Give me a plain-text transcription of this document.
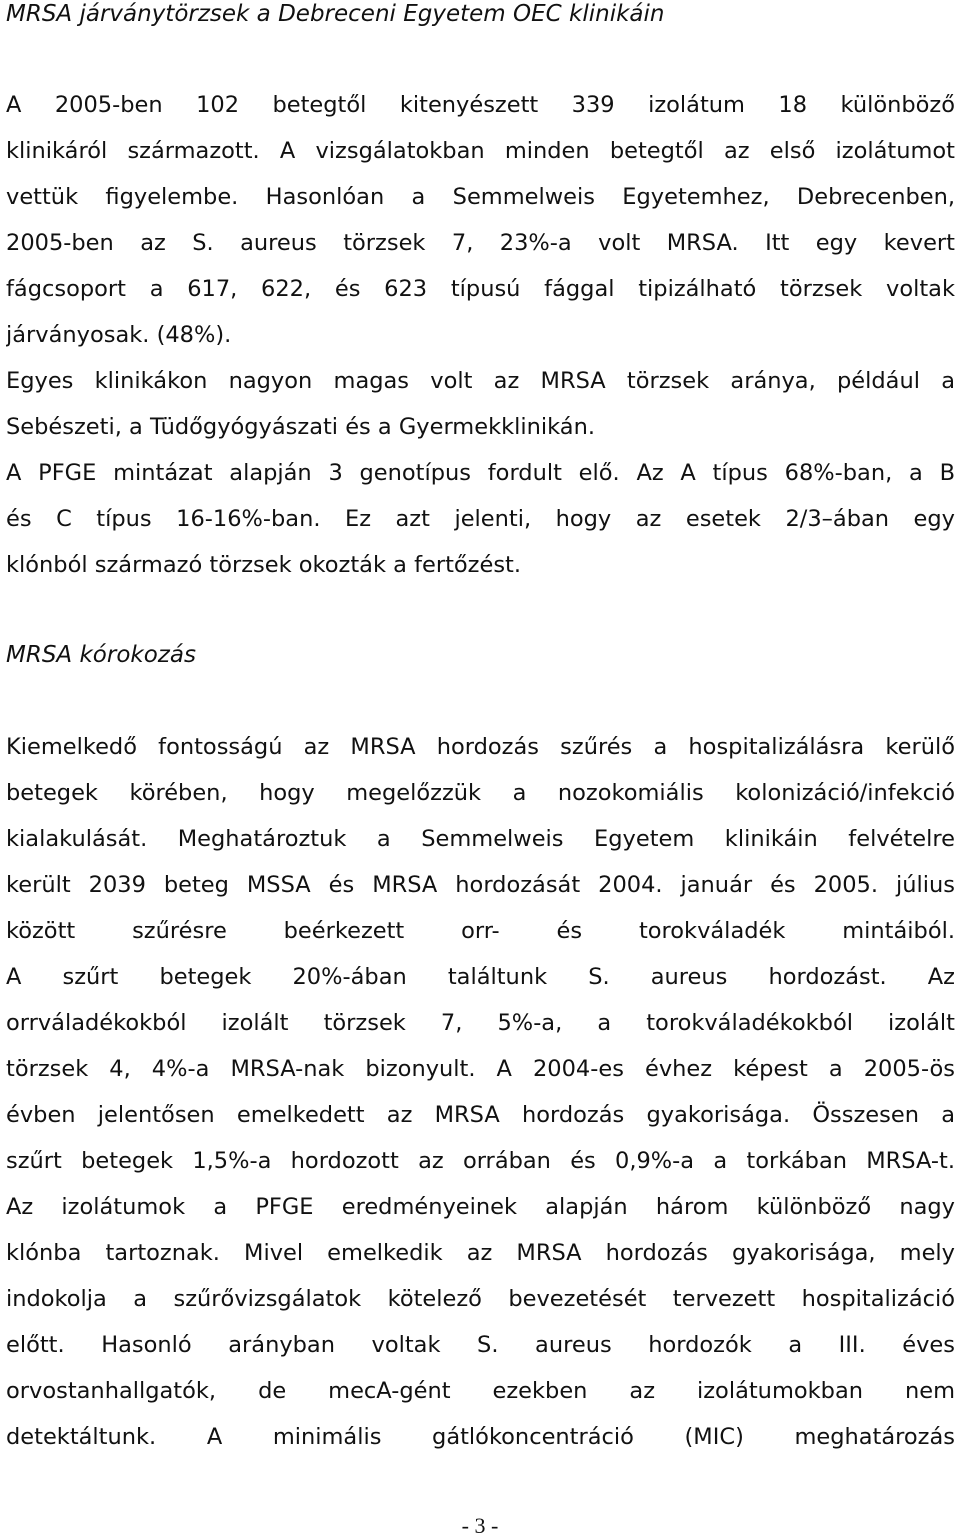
MRSA járványtörzsek a Debreceni Egyetem OEC klinikáin
A 2005-ben 102 betegtől kitenyészett 339 izolátum 18 különböző
klinikáról származott. A vizsgálatokban minden betegtől az első izolátumot
vettük figyelembe. Hasonlóan a Semmelweis Egyetemhez, Debrecenben,
2005-ben az S. aureus törzsek 7, 23%-a volt MRSA. Itt egy kevert
fágcsoport a 617, 622, és 623 típusú fággal tipizálható törzsek voltak
járványosak. (48%).
Egyes klinikákon nagyon magas volt az MRSA törzsek aránya, például a
Sebészeti, a Tüdőgyógyászati és a Gyermekklinikán.
A PFGE mintázat alapján 3 genotípus fordult elő. Az A típus 68%-ban, a B
és C típus 16-16%-ban. Ez azt jelenti, hogy az esetek 2/3–ában egy
klónból származó törzsek okozták a fertőzést.
MRSA kórokozás
Kiemelkedő fontosságú az MRSA hordozás szűrés a hospitalizálásra kerülő
betegek körében, hogy megelőzzük a nozokomiális kolonizáció/infekció
kialakulását. Meghatároztuk a Semmelweis Egyetem klinikáin felvételre
került 2039 beteg MSSA és MRSA hordozását 2004. január és 2005. július
között szűrésre beérkezett orr- és torokváladék mintáiból.
A szűrt betegek 20%-ában találtunk S. aureus hordozást. Az
orrváladékokból izolált törzsek 7, 5%-a, a torokváladékokból izolált
törzsek 4, 4%-a MRSA-nak bizonyult. A 2004-es évhez képest a 2005-ös
évben jelentősen emelkedett az MRSA hordozás gyakorisága. Összesen a
szűrt betegek 1,5%-a hordozott az orrában és 0,9%-a a torkában MRSA-t.
Az izolátumok a PFGE eredményeinek alapján három különböző nagy
klónba tartoznak. Mivel emelkedik az MRSA hordozás gyakorisága, mely
indokolja a szűrővizsgálatok kötelező bevezetését tervezett hospitalizáció
előtt. Hasonló arányban voltak S. aureus hordozók a III. éves
orvostanhallgatók, de mecA-gént ezekben az izolátumokban nem
detektáltunk. A minimális gátlókoncentráció (MIC) meghatározás
- 3 -
